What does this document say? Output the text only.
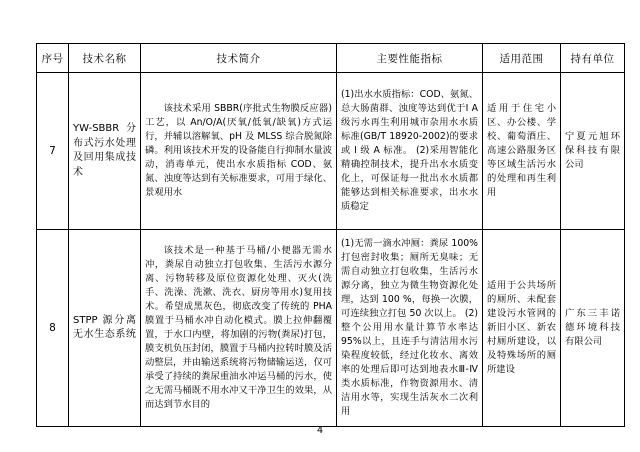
序号	技术名称	技术简介	主要性能指标	适用范围	持有单位
7	YW-SBBR 分布式污水处理及回用集成技术	该技术采用 SBBR(序批式生物膜反应器)工艺，以 An/O/A(厌氧/低氧/缺氧)方式运行，并辅以溶解氧、pH 及 MLSS 综合脱氮除磷。利用该技术开发的设备能自行抑制水量波动，消毒单元，使出水水质指标 COD、氨氮、浊度等达到有关标准要求，可用于绿化、景观用水	(1)出水水质指标：COD、氨氮、总大肠菌群、浊度等达到优于I A 级污水再生利用城市杂用水水质标准(GB/T 18920-2002)的要求或 I 级 A 标准。 (2)采用智能化精确控制技术，提升出水水质变化上，可保证每一批出水水质都能够达到相关标准要求，出水水质稳定	适用于住宅小区、办公楼、学校、葡萄酒庄、高速公路服务区等区域生活污水的处理和再生利用	宁夏元旭环保科技有限公司

8	STPP 源分离无水生态系统	该技术是一种基于马桶/小便器无需水冲，粪尿自动独立打包收集、生活污水源分离、污物转移及原位资源化处理、灭火(洗手、洗澡、洗漱、洗衣、厨房等用水)复用技术。希望成黑灰色，彻底改变了传统的 PHA 膜置于马桶水冲自动化模式。膜上拉伸翻覆置，于水口内壁，将加剧的污物(粪尿)打包，膜支机负压封闭，膜置于马桶内拉转时膜及活动整层，并由输送系统将污物储输运送，仅可承受了持续的粪尿重油水冲运马桶的污水，使之无需马桶既不用水冲又干净卫生的效果，从而达到节水目的	(1)无需一滴水冲厕：粪尿 100%打包密封收集；厕所无臭味；无需自动独立打包收集，生活污水源分离，独立为微生物资源化处理，达到 100 %，每换一次膜，可连续独立打包 50 次以上。 (2)整个公用用水量计算节水率达 95%以上，且连手与清洁用水污染程度较低，经过化妆水、离效率的处理后即可达到地表水Ⅲ-Ⅳ类水质标准，作物资源用水、清洁用水等，实现生活灰水二次利用	适用于公共场所的厕所、未配套建设污水管网的新旧小区、新农村厕所建设，以及特殊场所的厕所建设	广东三丰诺德环境科技有限公司

4
